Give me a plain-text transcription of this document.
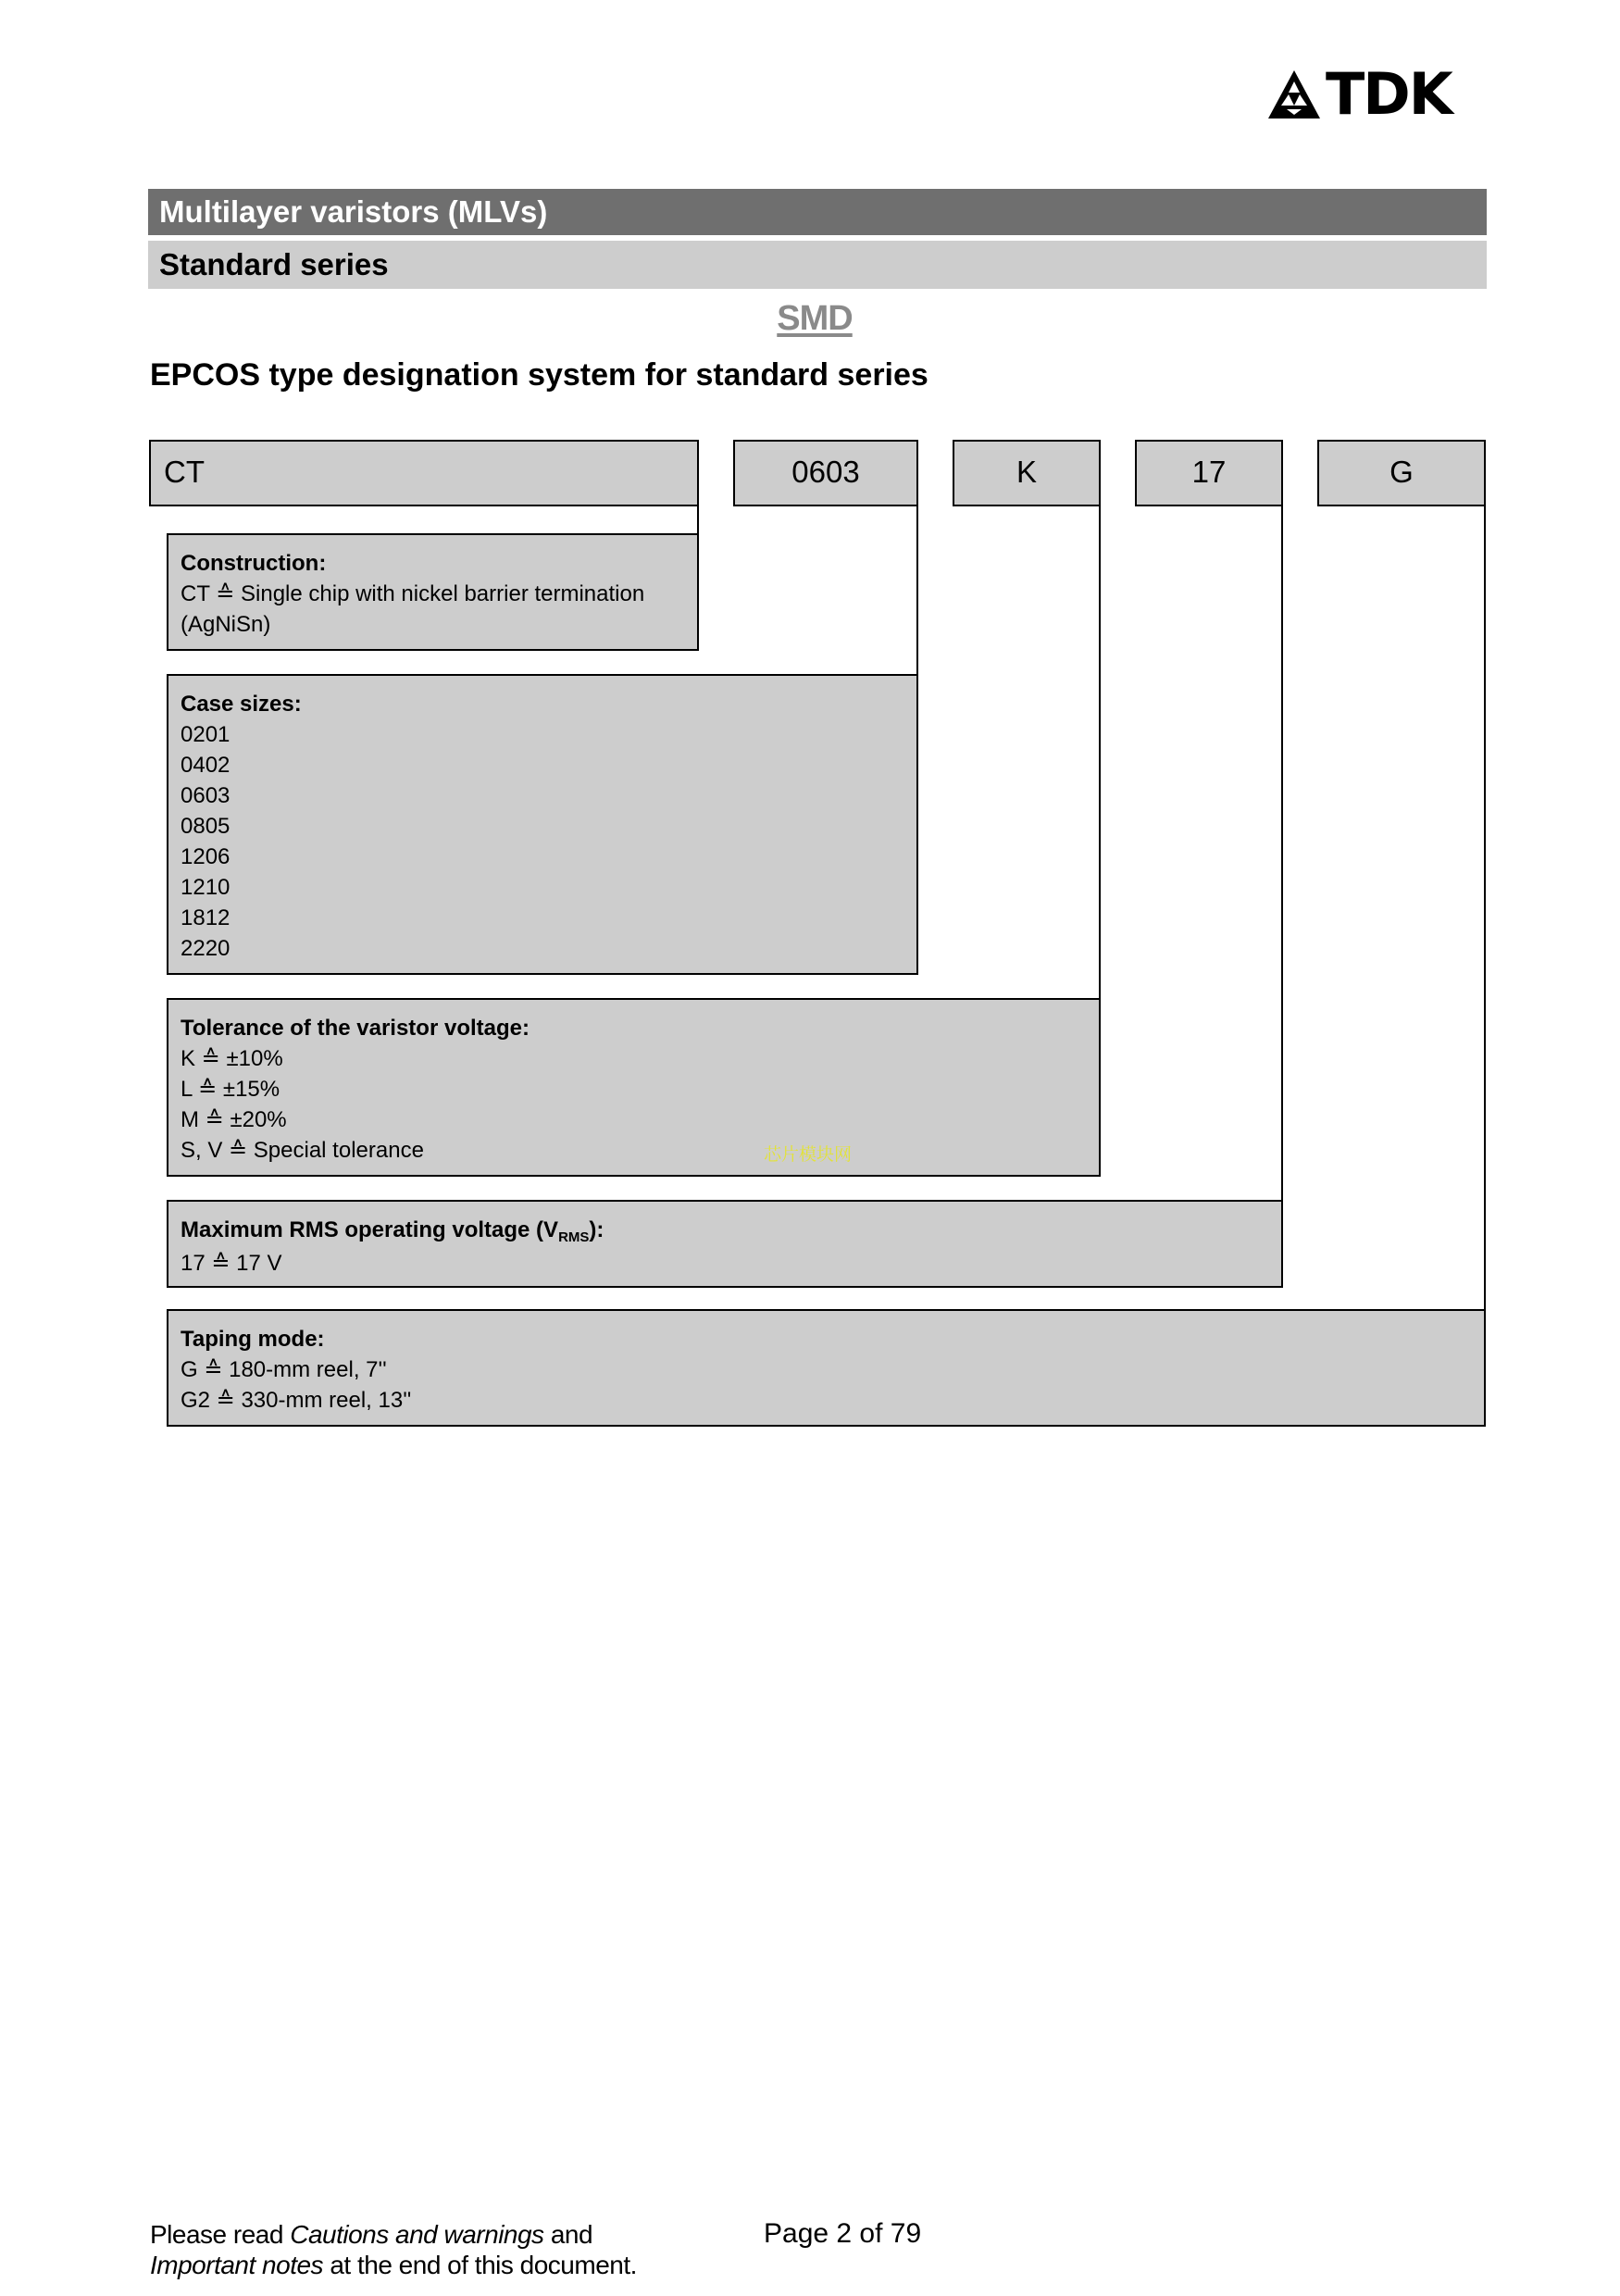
TDK
Multilayer varistors (MLVs)
Standard series
SMD
EPCOS type designation system for standard series
CT	0603	K	17	G
Construction:
CT ≙ Single chip with nickel barrier termination
(AgNiSn)
Case sizes:
0201
0402
0603
0805
1206
1210
1812
2220
Tolerance of the varistor voltage:
K ≙ ±10%
L ≙ ±15%
M ≙ ±20%
S, V ≙ Special tolerance
Maximum RMS operating voltage $(V_{RMS})$:
17 ≙ 17 V
Taping mode:
G ≙ 180-mm reel, 7''
G2 ≙ 330-mm reel, 13''
芯片模块网
Please read Cautions and warnings and
Important notes at the end of this document.
Page 2 of 79
